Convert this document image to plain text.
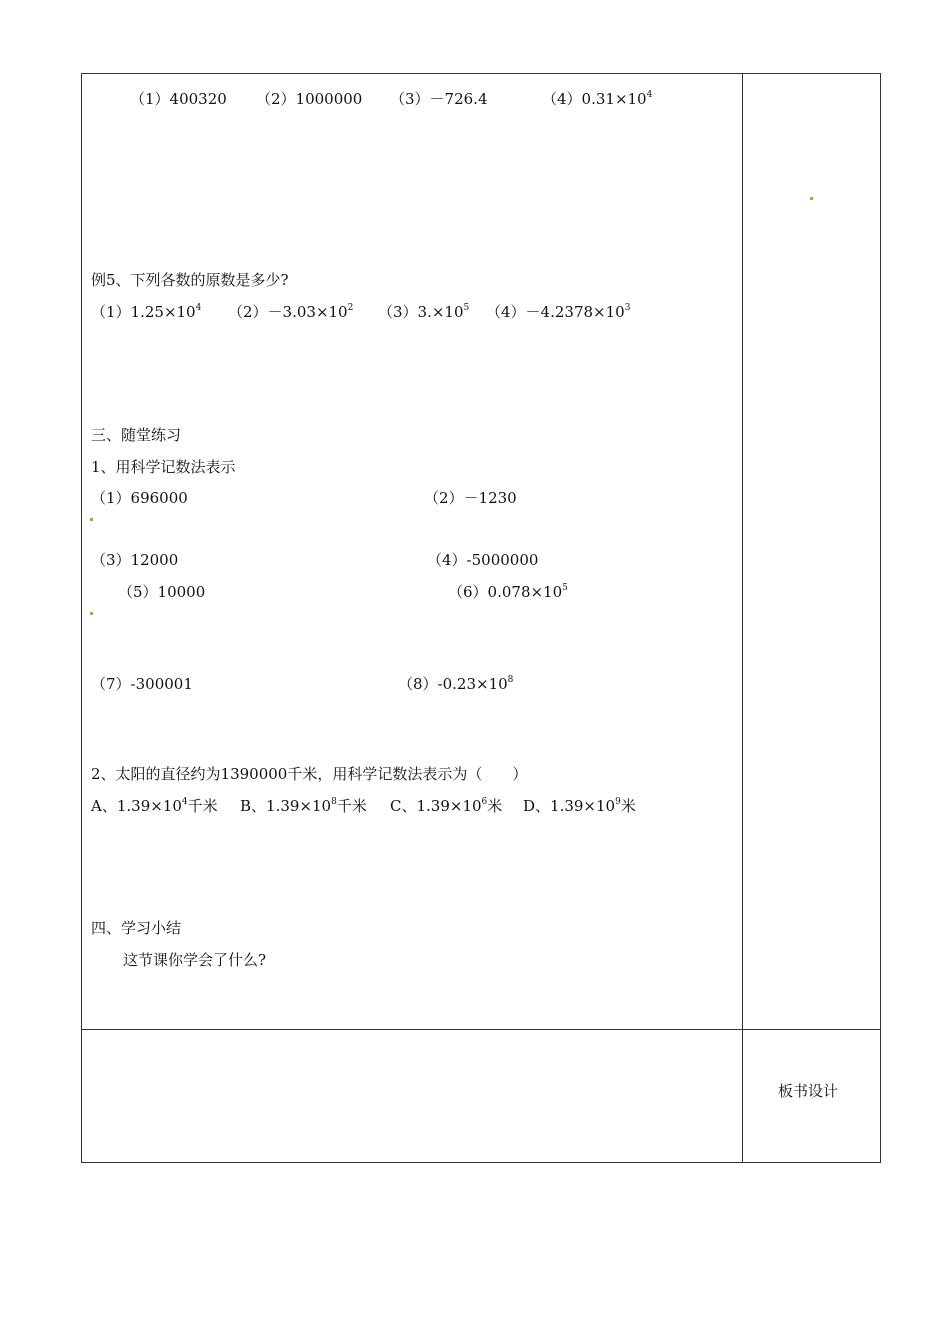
（1）400320 （2）1000000 （3）－726.4	$(4)0.31\times 10^4$
例5、下列各数的原数是多少?
$(1)1.25\times 10^4$ $(2)-3.03\times 10^2$ $(3)3.\times 10^5$ $(4)-4.2378\times 10^3$
三、随堂练习
1、用科学记数法表示
（1）696000	（2）－1230
（3）12000	（4）-5000000
（5）10000	$(6)0.078\times 10^5$
（7）-300001	$(8)-0.23\times 10^8$
2、太阳的直径约为1390000千米，用科学记数法表示为（　　）
A、$1.39\times 10^4$千米 B、$1.39\times 10^8$千米 C、$1.39\times 10^6$米 D、$1.39\times 10^9$米
四、学习小结
这节课你学会了什么?
板书设计
